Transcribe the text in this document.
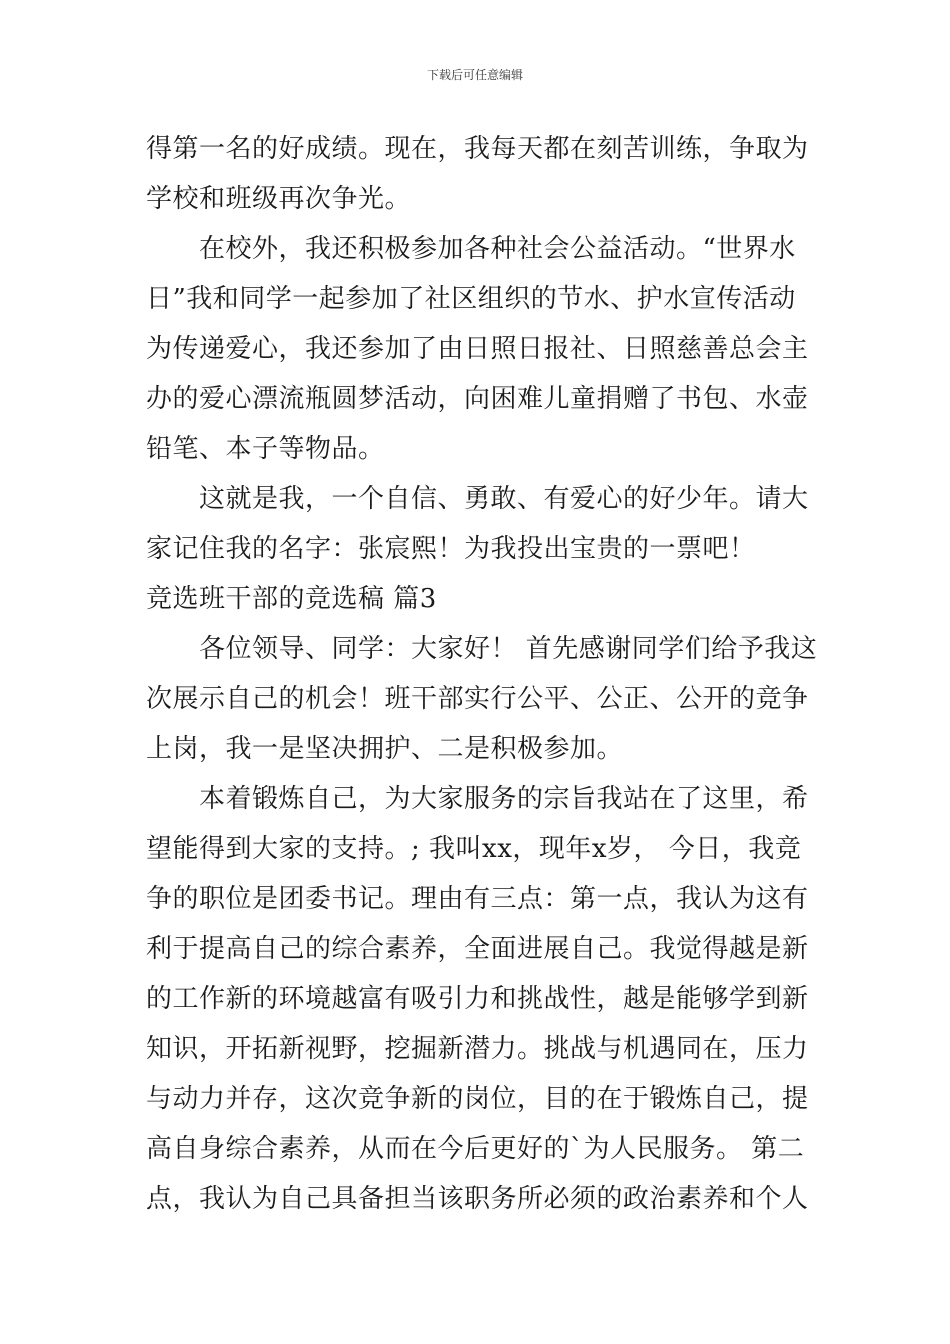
下载后可任意编辑
得第一名的好成绩。现在，我每天都在刻苦训练，争取为
学校和班级再次争光。
在校外，我还积极参加各种社会公益活动。“世界水
日”我和同学一起参加了社区组织的节水、护水宣传活动
为传递爱心，我还参加了由日照日报社、日照慈善总会主
办的爱心漂流瓶圆梦活动，向困难儿童捐赠了书包、水壶
铅笔、本子等物品。
这就是我，一个自信、勇敢、有爱心的好少年。请大
家记住我的名字：张宸熙！为我投出宝贵的一票吧！
竞选班干部的竞选稿 篇3
各位领导、同学：大家好！ 首先感谢同学们给予我这
次展示自己的机会！班干部实行公平、公正、公开的竞争
上岗，我一是坚决拥护、二是积极参加。
本着锻炼自己，为大家服务的宗旨我站在了这里，希
望能得到大家的支持。; 我叫xx，现年x岁， 今日，我竞
争的职位是团委书记。理由有三点：第一点，我认为这有
利于提高自己的综合素养，全面进展自己。我觉得越是新
的工作新的环境越富有吸引力和挑战性，越是能够学到新
知识，开拓新视野，挖掘新潜力。挑战与机遇同在，压力
与动力并存，这次竞争新的岗位，目的在于锻炼自己，提
高自身综合素养，从而在今后更好的`为人民服务。 第二
点，我认为自己具备担当该职务所必须的政治素养和个人
